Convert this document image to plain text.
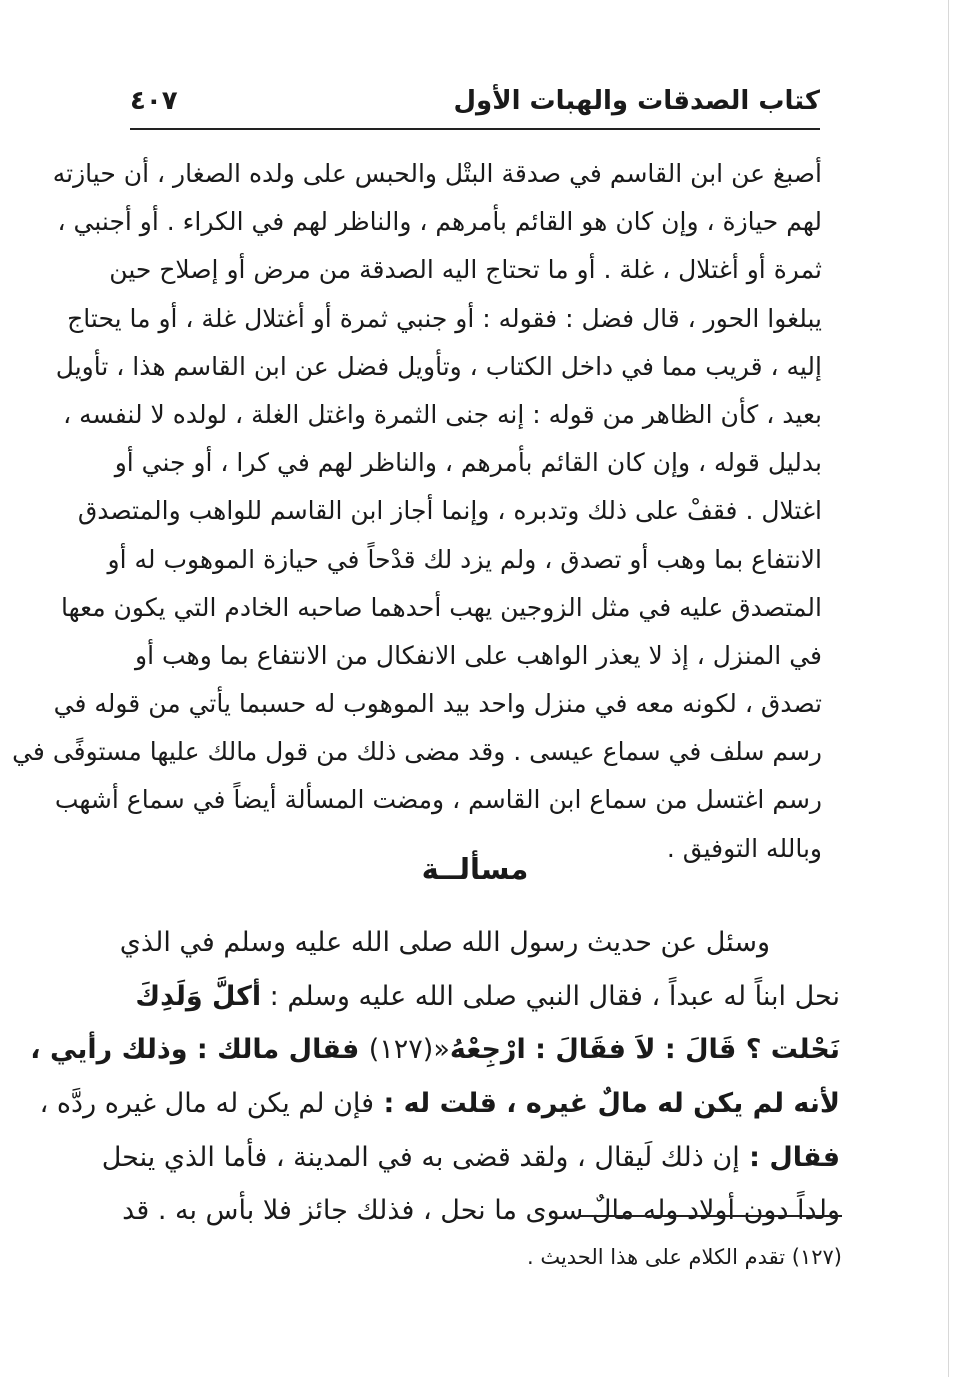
كتاب الصدقات والهبات الأول
٤٠٧
أصبغ عن ابن القاسم في صدقة البتْل والحبس على ولده الصغار ، أن حيازته
لهم حيازة ، وإن كان هو القائم بأمرهم ، والناظر لهم في الكراء . أو أجنبي ،
ثمرة أو أغتلال ، غلة . أو ما تحتاج اليه الصدقة من مرض أو إصلاح حين
يبلغوا الحور ، قال فضل : فقوله : أو جنبي ثمرة أو أغتلال غلة ، أو ما يحتاج
إليه ، قريب مما في داخل الكتاب ، وتأويل فضل عن ابن القاسم هذا ، تأويل
بعيد ، كأن الظاهر من قوله : إنه جنى الثمرة واغتل الغلة ، لولده لا لنفسه ،
بدليل قوله ، وإن كان القائم بأمرهم ، والناظر لهم في كرا ، أو جني أو
اغتلال . فقفْ على ذلك وتدبره ، وإنما أجاز ابن القاسم للواهب والمتصدق
الانتفاع بما وهب أو تصدق ، ولم يزد لك قدْحاً في حيازة الموهوب له أو
المتصدق عليه في مثل الزوجين يهب أحدهما صاحبه الخادم التي يكون معها
في المنزل ، إذ لا يعذر الواهب على الانفكال من الانتفاع بما وهب أو
تصدق ، لكونه معه في منزل واحد بيد الموهوب له حسبما يأتي من قوله في
رسم سلف في سماع عيسى . وقد مضى ذلك من قول مالك عليها مستوفًى في
رسم اغتسل من سماع ابن القاسم ، ومضت المسألة أيضاً في سماع أشهب
وبالله التوفيق .
مسألــة
وسئل عن حديث رسول الله صلى الله عليه وسلم في الذي
نحل ابناً له عبداً ، فقال النبي صلى الله عليه وسلم : أكلَّ وَلَدِكَ
نَحْلت ؟ قَالَ : لاَ فقَالَ : ارْجِعْهُ«(١٢٧) فقال مالك : وذلك رأيي ،
لأنه لم يكن له مالٌ غيره ، قلت له : فإن لم يكن له مال غيره ردَّه ،
فقال : إن ذلك لَيقال ، ولقد قضى به في المدينة ، فأما الذي ينحل
ولداً دون أولاد وله مالٌ سوى ما نحل ، فذلك جائز فلا بأس به . قد
(١٢٧) تقدم الكلام على هذا الحديث .
